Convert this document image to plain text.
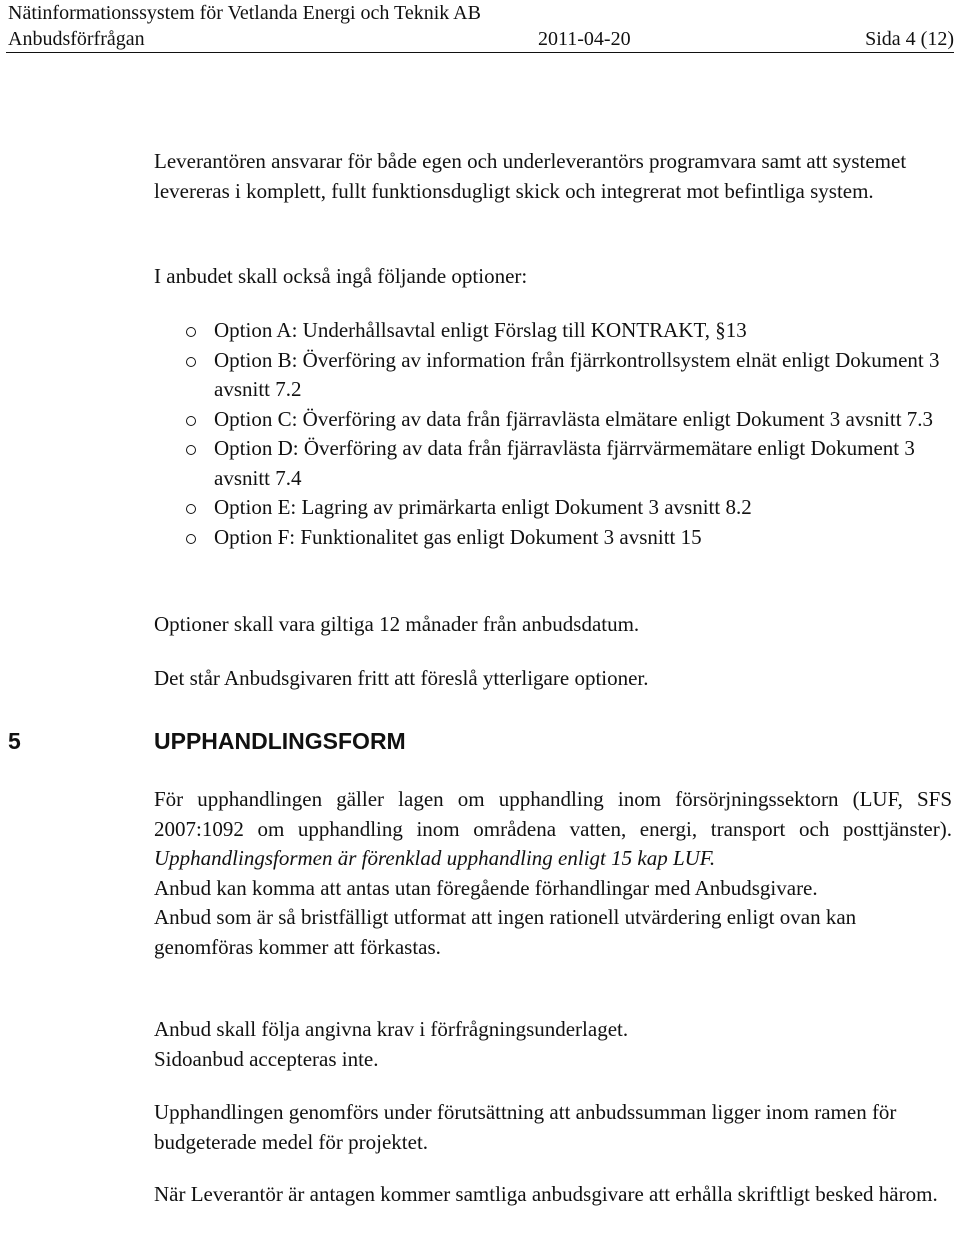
Nätinformationssystem för Vetlanda Energi och Teknik AB
Anbudsförfrågan	2011-04-20	Sida 4 (12)

Leverantören ansvarar för både egen och underleverantörs programvara samt att systemet levereras i komplett, fullt funktionsdugligt skick och integrerat mot befintliga system.

I anbudet skall också ingå följande optioner:

Option A: Underhållsavtal enligt Förslag till KONTRAKT, §13
Option B: Överföring av information från fjärrkontrollsystem elnät enligt Dokument 3 avsnitt 7.2
Option C: Överföring av data från fjärravlästa elmätare enligt Dokument 3 avsnitt 7.3
Option D: Överföring av data från fjärravlästa fjärrvärmemätare enligt Dokument 3 avsnitt 7.4
Option E: Lagring av primärkarta enligt Dokument 3 avsnitt 8.2
Option F: Funktionalitet gas enligt Dokument 3 avsnitt 15

Optioner skall vara giltiga 12 månader från anbudsdatum.

Det står Anbudsgivaren fritt att föreslå ytterligare optioner.

5	UPPHANDLINGSFORM

För upphandlingen gäller lagen om upphandling inom försörjningssektorn (LUF, SFS 2007:1092 om upphandling inom områdena vatten, energi, transport och posttjänster). Upphandlingsformen är förenklad upphandling enligt 15 kap LUF.

Anbud kan komma att antas utan föregående förhandlingar med Anbudsgivare.

Anbud som är så bristfälligt utformat att ingen rationell utvärdering enligt ovan kan genomföras kommer att förkastas.

Anbud skall följa angivna krav i förfrågningsunderlaget.

Sidoanbud accepteras inte.

Upphandlingen genomförs under förutsättning att anbudssumman ligger inom ramen för budgeterade medel för projektet.

När Leverantör är antagen kommer samtliga anbudsgivare att erhålla skriftligt besked härom.
